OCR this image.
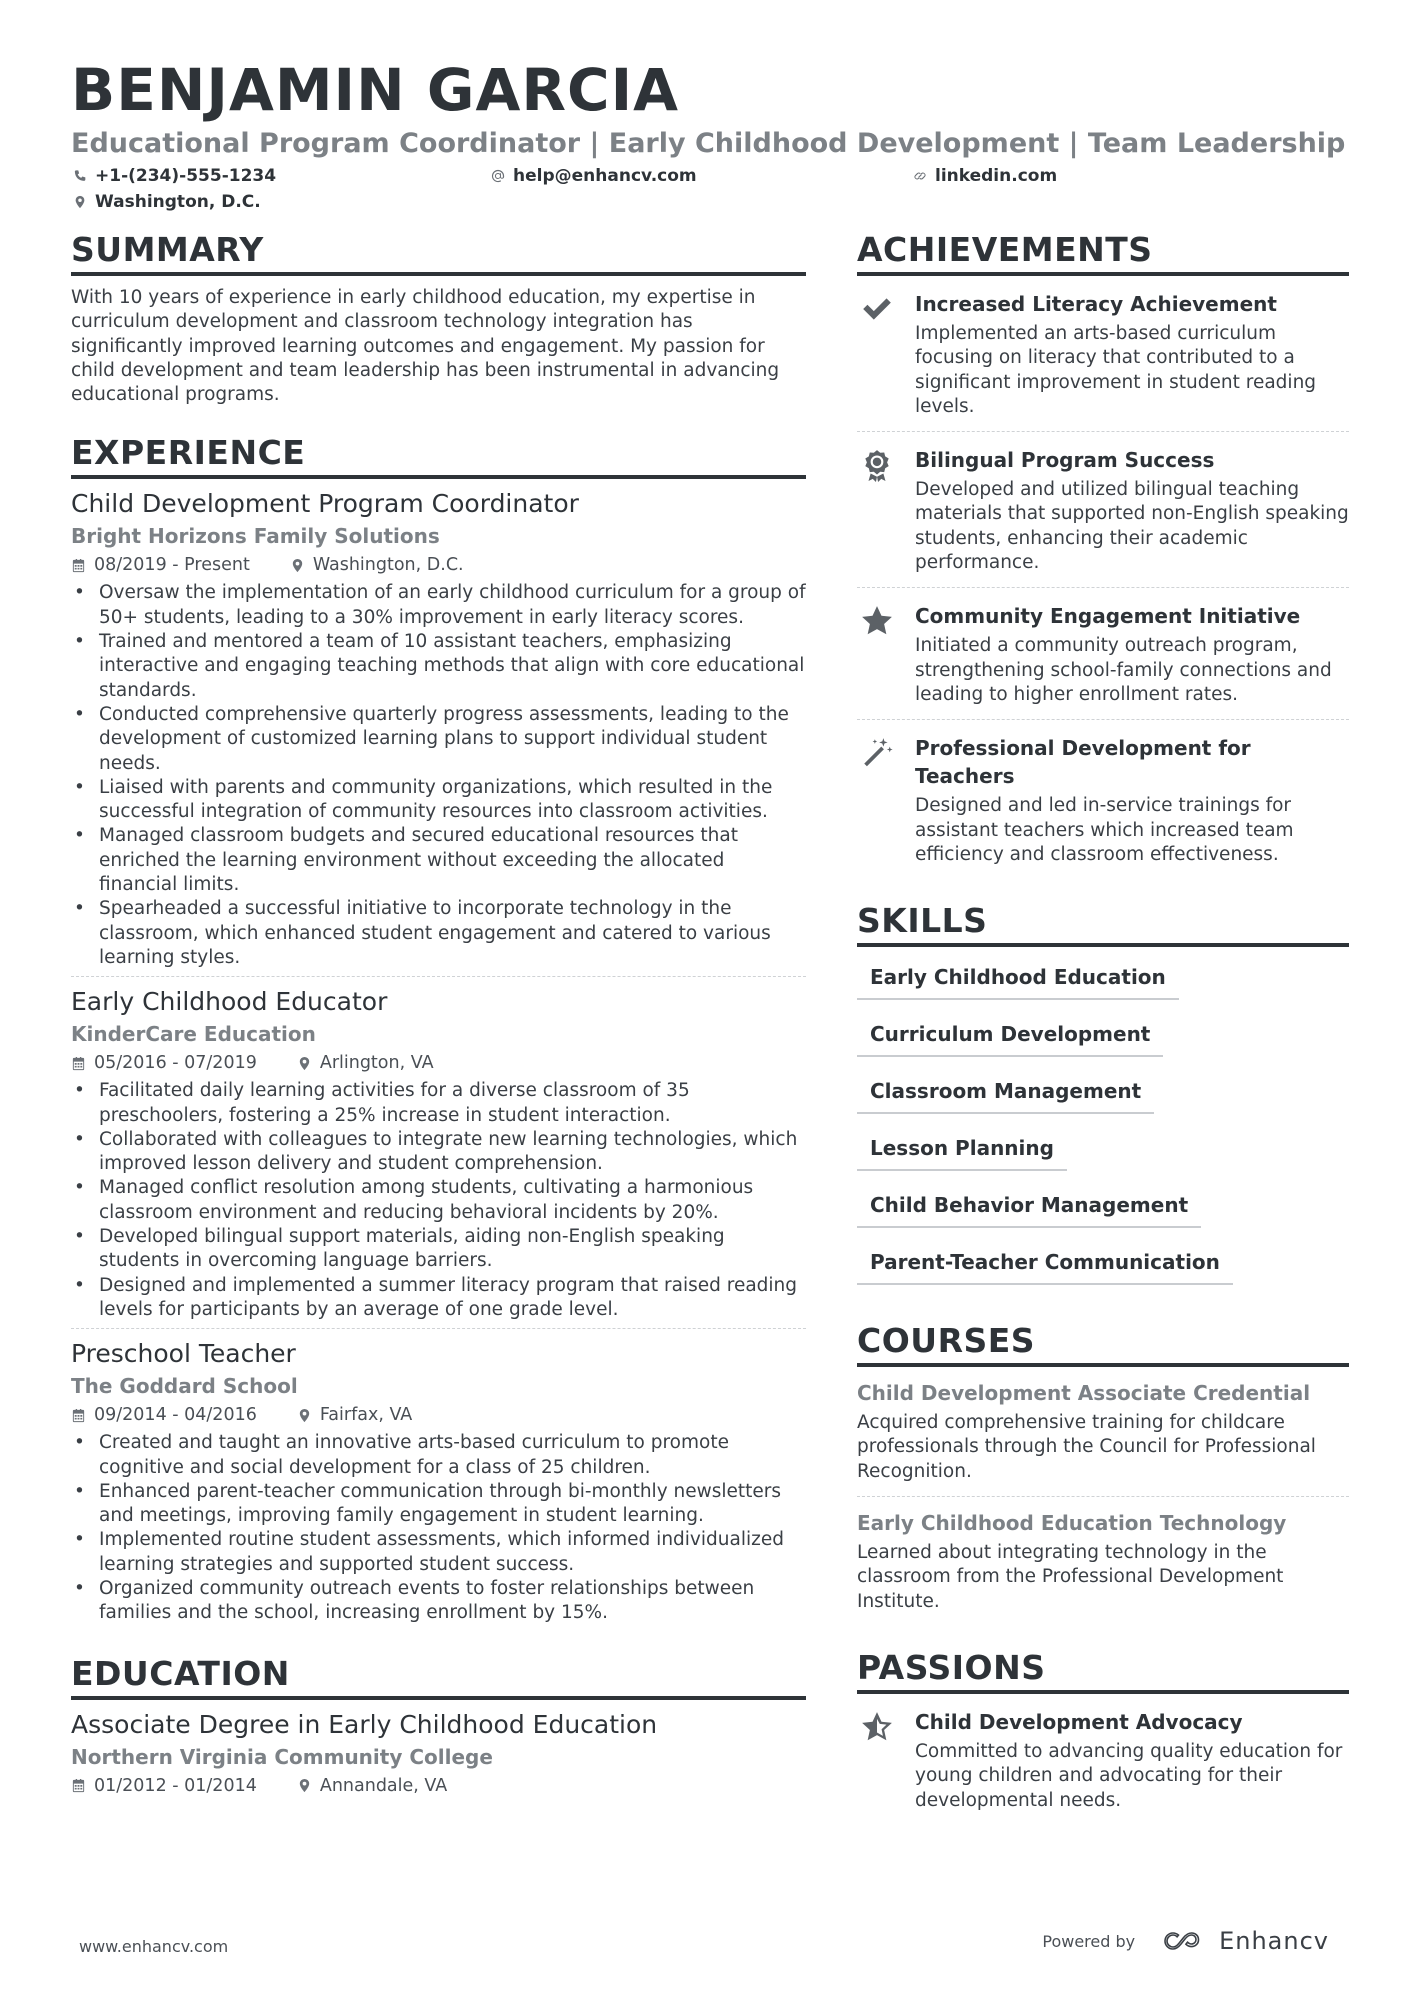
BENJAMIN GARCIA
Educational Program Coordinator | Early Childhood Development | Team Leadership
+1-(234)-555-1234	help@enhancv.com	linkedin.com
Washington, D.C.
SUMMARY
With 10 years of experience in early childhood education, my expertise in curriculum development and classroom technology integration has significantly improved learning outcomes and engagement. My passion for child development and team leadership has been instrumental in advancing educational programs.
EXPERIENCE
Child Development Program Coordinator
Bright Horizons Family Solutions
08/2019 - Present	Washington, D.C.
• Oversaw the implementation of an early childhood curriculum for a group of 50+ students, leading to a 30% improvement in early literacy scores.
• Trained and mentored a team of 10 assistant teachers, emphasizing interactive and engaging teaching methods that align with core educational standards.
• Conducted comprehensive quarterly progress assessments, leading to the development of customized learning plans to support individual student needs.
• Liaised with parents and community organizations, which resulted in the successful integration of community resources into classroom activities.
• Managed classroom budgets and secured educational resources that enriched the learning environment without exceeding the allocated financial limits.
• Spearheaded a successful initiative to incorporate technology in the classroom, which enhanced student engagement and catered to various learning styles.
Early Childhood Educator
KinderCare Education
05/2016 - 07/2019	Arlington, VA
• Facilitated daily learning activities for a diverse classroom of 35 preschoolers, fostering a 25% increase in student interaction.
• Collaborated with colleagues to integrate new learning technologies, which improved lesson delivery and student comprehension.
• Managed conflict resolution among students, cultivating a harmonious classroom environment and reducing behavioral incidents by 20%.
• Developed bilingual support materials, aiding non-English speaking students in overcoming language barriers.
• Designed and implemented a summer literacy program that raised reading levels for participants by an average of one grade level.
Preschool Teacher
The Goddard School
09/2014 - 04/2016	Fairfax, VA
• Created and taught an innovative arts-based curriculum to promote cognitive and social development for a class of 25 children.
• Enhanced parent-teacher communication through bi-monthly newsletters and meetings, improving family engagement in student learning.
• Implemented routine student assessments, which informed individualized learning strategies and supported student success.
• Organized community outreach events to foster relationships between families and the school, increasing enrollment by 15%.
EDUCATION
Associate Degree in Early Childhood Education
Northern Virginia Community College
01/2012 - 01/2014	Annandale, VA
ACHIEVEMENTS
Increased Literacy Achievement
Implemented an arts-based curriculum focusing on literacy that contributed to a significant improvement in student reading levels.
Bilingual Program Success
Developed and utilized bilingual teaching materials that supported non-English speaking students, enhancing their academic performance.
Community Engagement Initiative
Initiated a community outreach program, strengthening school-family connections and leading to higher enrollment rates.
Professional Development for Teachers
Designed and led in-service trainings for assistant teachers which increased team efficiency and classroom effectiveness.
SKILLS
Early Childhood Education
Curriculum Development
Classroom Management
Lesson Planning
Child Behavior Management
Parent-Teacher Communication
COURSES
Child Development Associate Credential
Acquired comprehensive training for childcare professionals through the Council for Professional Recognition.
Early Childhood Education Technology
Learned about integrating technology in the classroom from the Professional Development Institute.
PASSIONS
Child Development Advocacy
Committed to advancing quality education for young children and advocating for their developmental needs.
www.enhancv.com	Powered by	Enhancv
